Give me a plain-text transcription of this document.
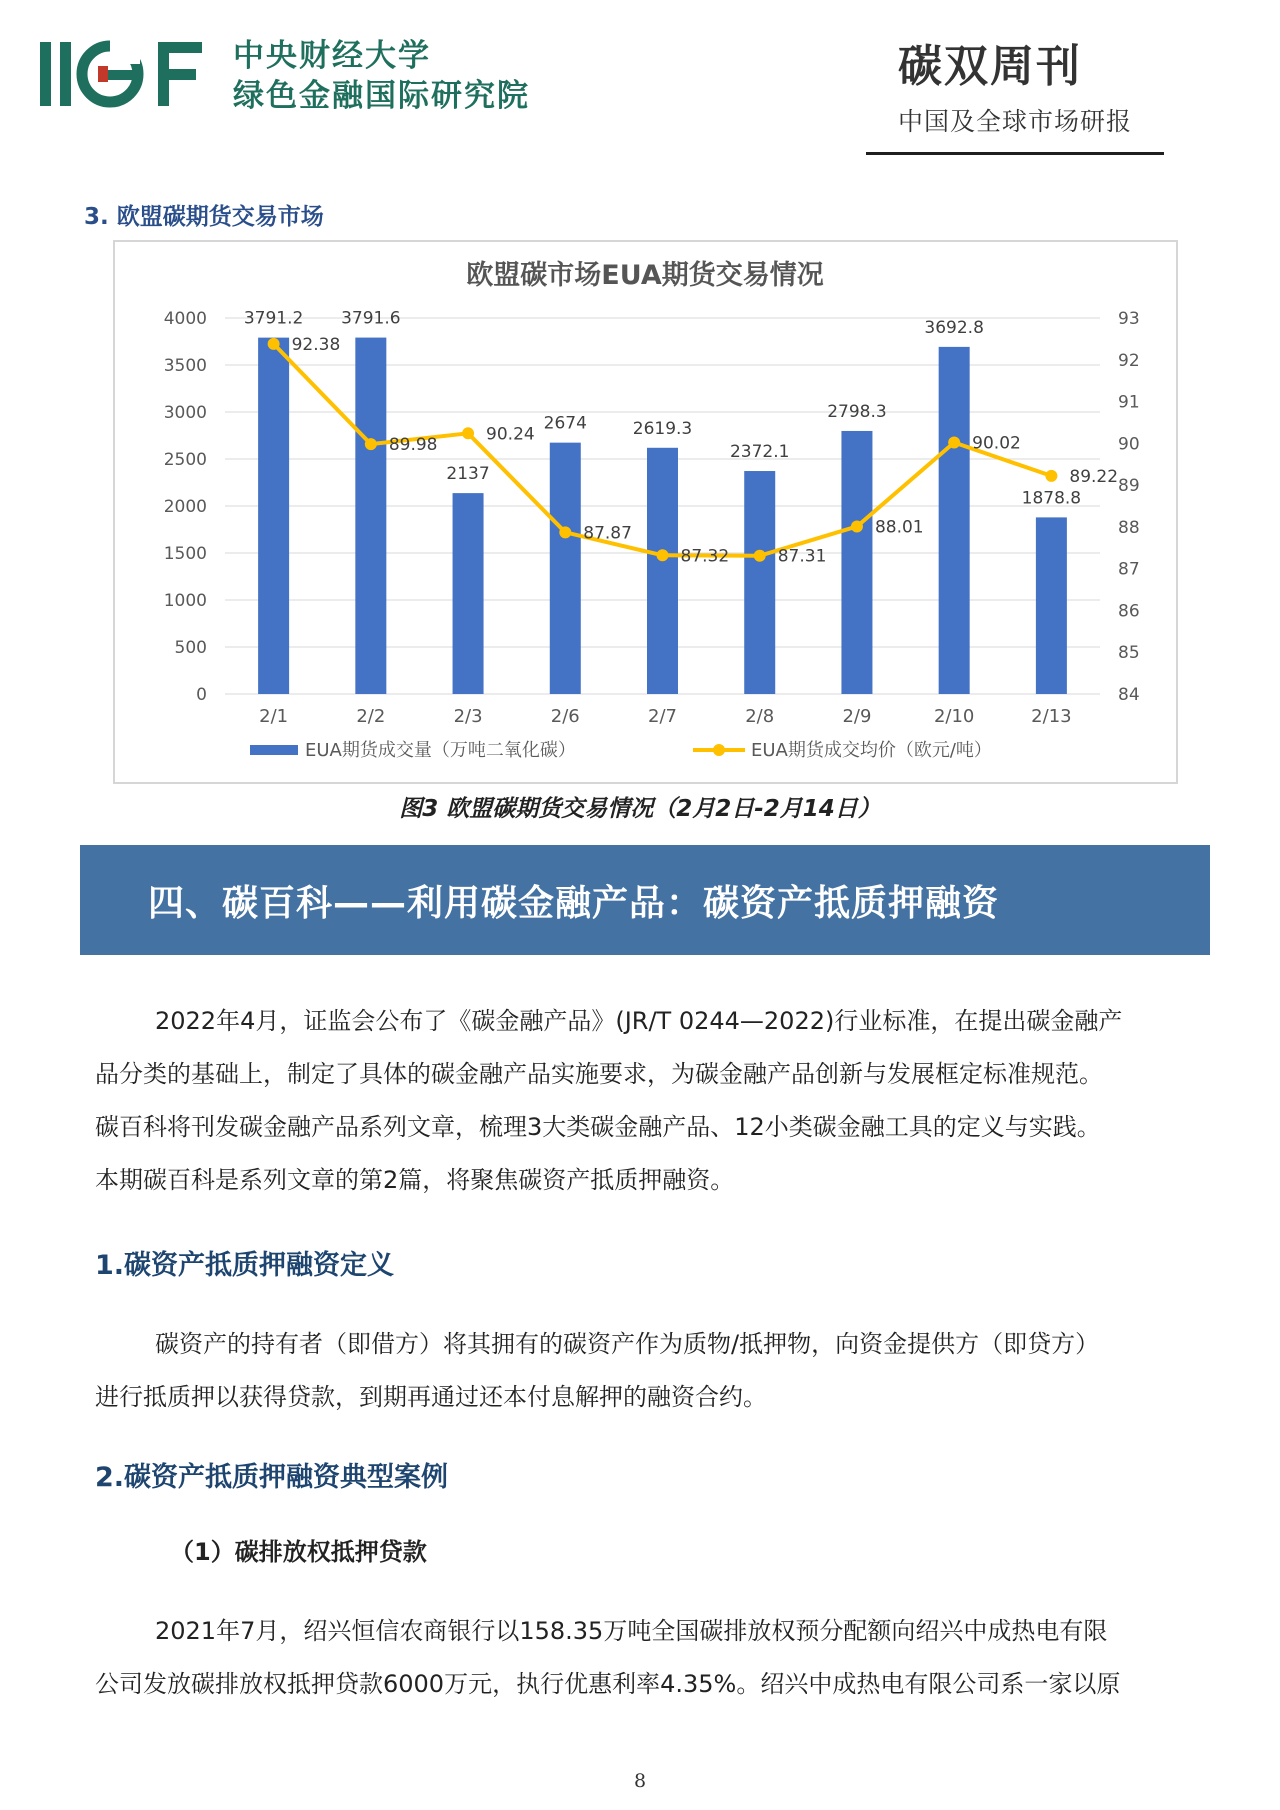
中央财经大学
绿色金融国际研究院
碳双周刊
中国及全球市场研报
3. 欧盟碳期货交易市场
欧盟碳市场EUA期货交易情况
0
500
1000
1500
2000
2500
3000
3500
4000
84
85
86
87
88
89
90
91
92
93
2/1	2/2	2/3	2/6	2/7	2/8	2/9	2/10	2/13
3791.2 3791.6
2137
2674	2619.3
2372.1
2798.3
3692.8
1878.8
92.38
89.98
90.24
87.87
87.32	87.31
88.01
90.02
89.22
EUA期货成交量（万吨二氧化碳）	EUA期货成交均价（欧元/吨）
图3 欧盟碳期货交易情况（2月2日-2月14日）
四、碳百科——利用碳金融产品：碳资产抵质押融资
2022年4月，证监会公布了《碳金融产品》(JR/T 0244—2022)行业标准，在提出碳金融产
品分类的基础上，制定了具体的碳金融产品实施要求，为碳金融产品创新与发展框定标准规范。
碳百科将刊发碳金融产品系列文章，梳理3大类碳金融产品、12小类碳金融工具的定义与实践。
本期碳百科是系列文章的第2篇，将聚焦碳资产抵质押融资。
1.碳资产抵质押融资定义
碳资产的持有者（即借方）将其拥有的碳资产作为质物/抵押物，向资金提供方（即贷方）
进行抵质押以获得贷款，到期再通过还本付息解押的融资合约。
2.碳资产抵质押融资典型案例
（1）碳排放权抵押贷款
2021年7月，绍兴恒信农商银行以158.35万吨全国碳排放权预分配额向绍兴中成热电有限
公司发放碳排放权抵押贷款6000万元，执行优惠利率4.35%。绍兴中成热电有限公司系一家以原
8
